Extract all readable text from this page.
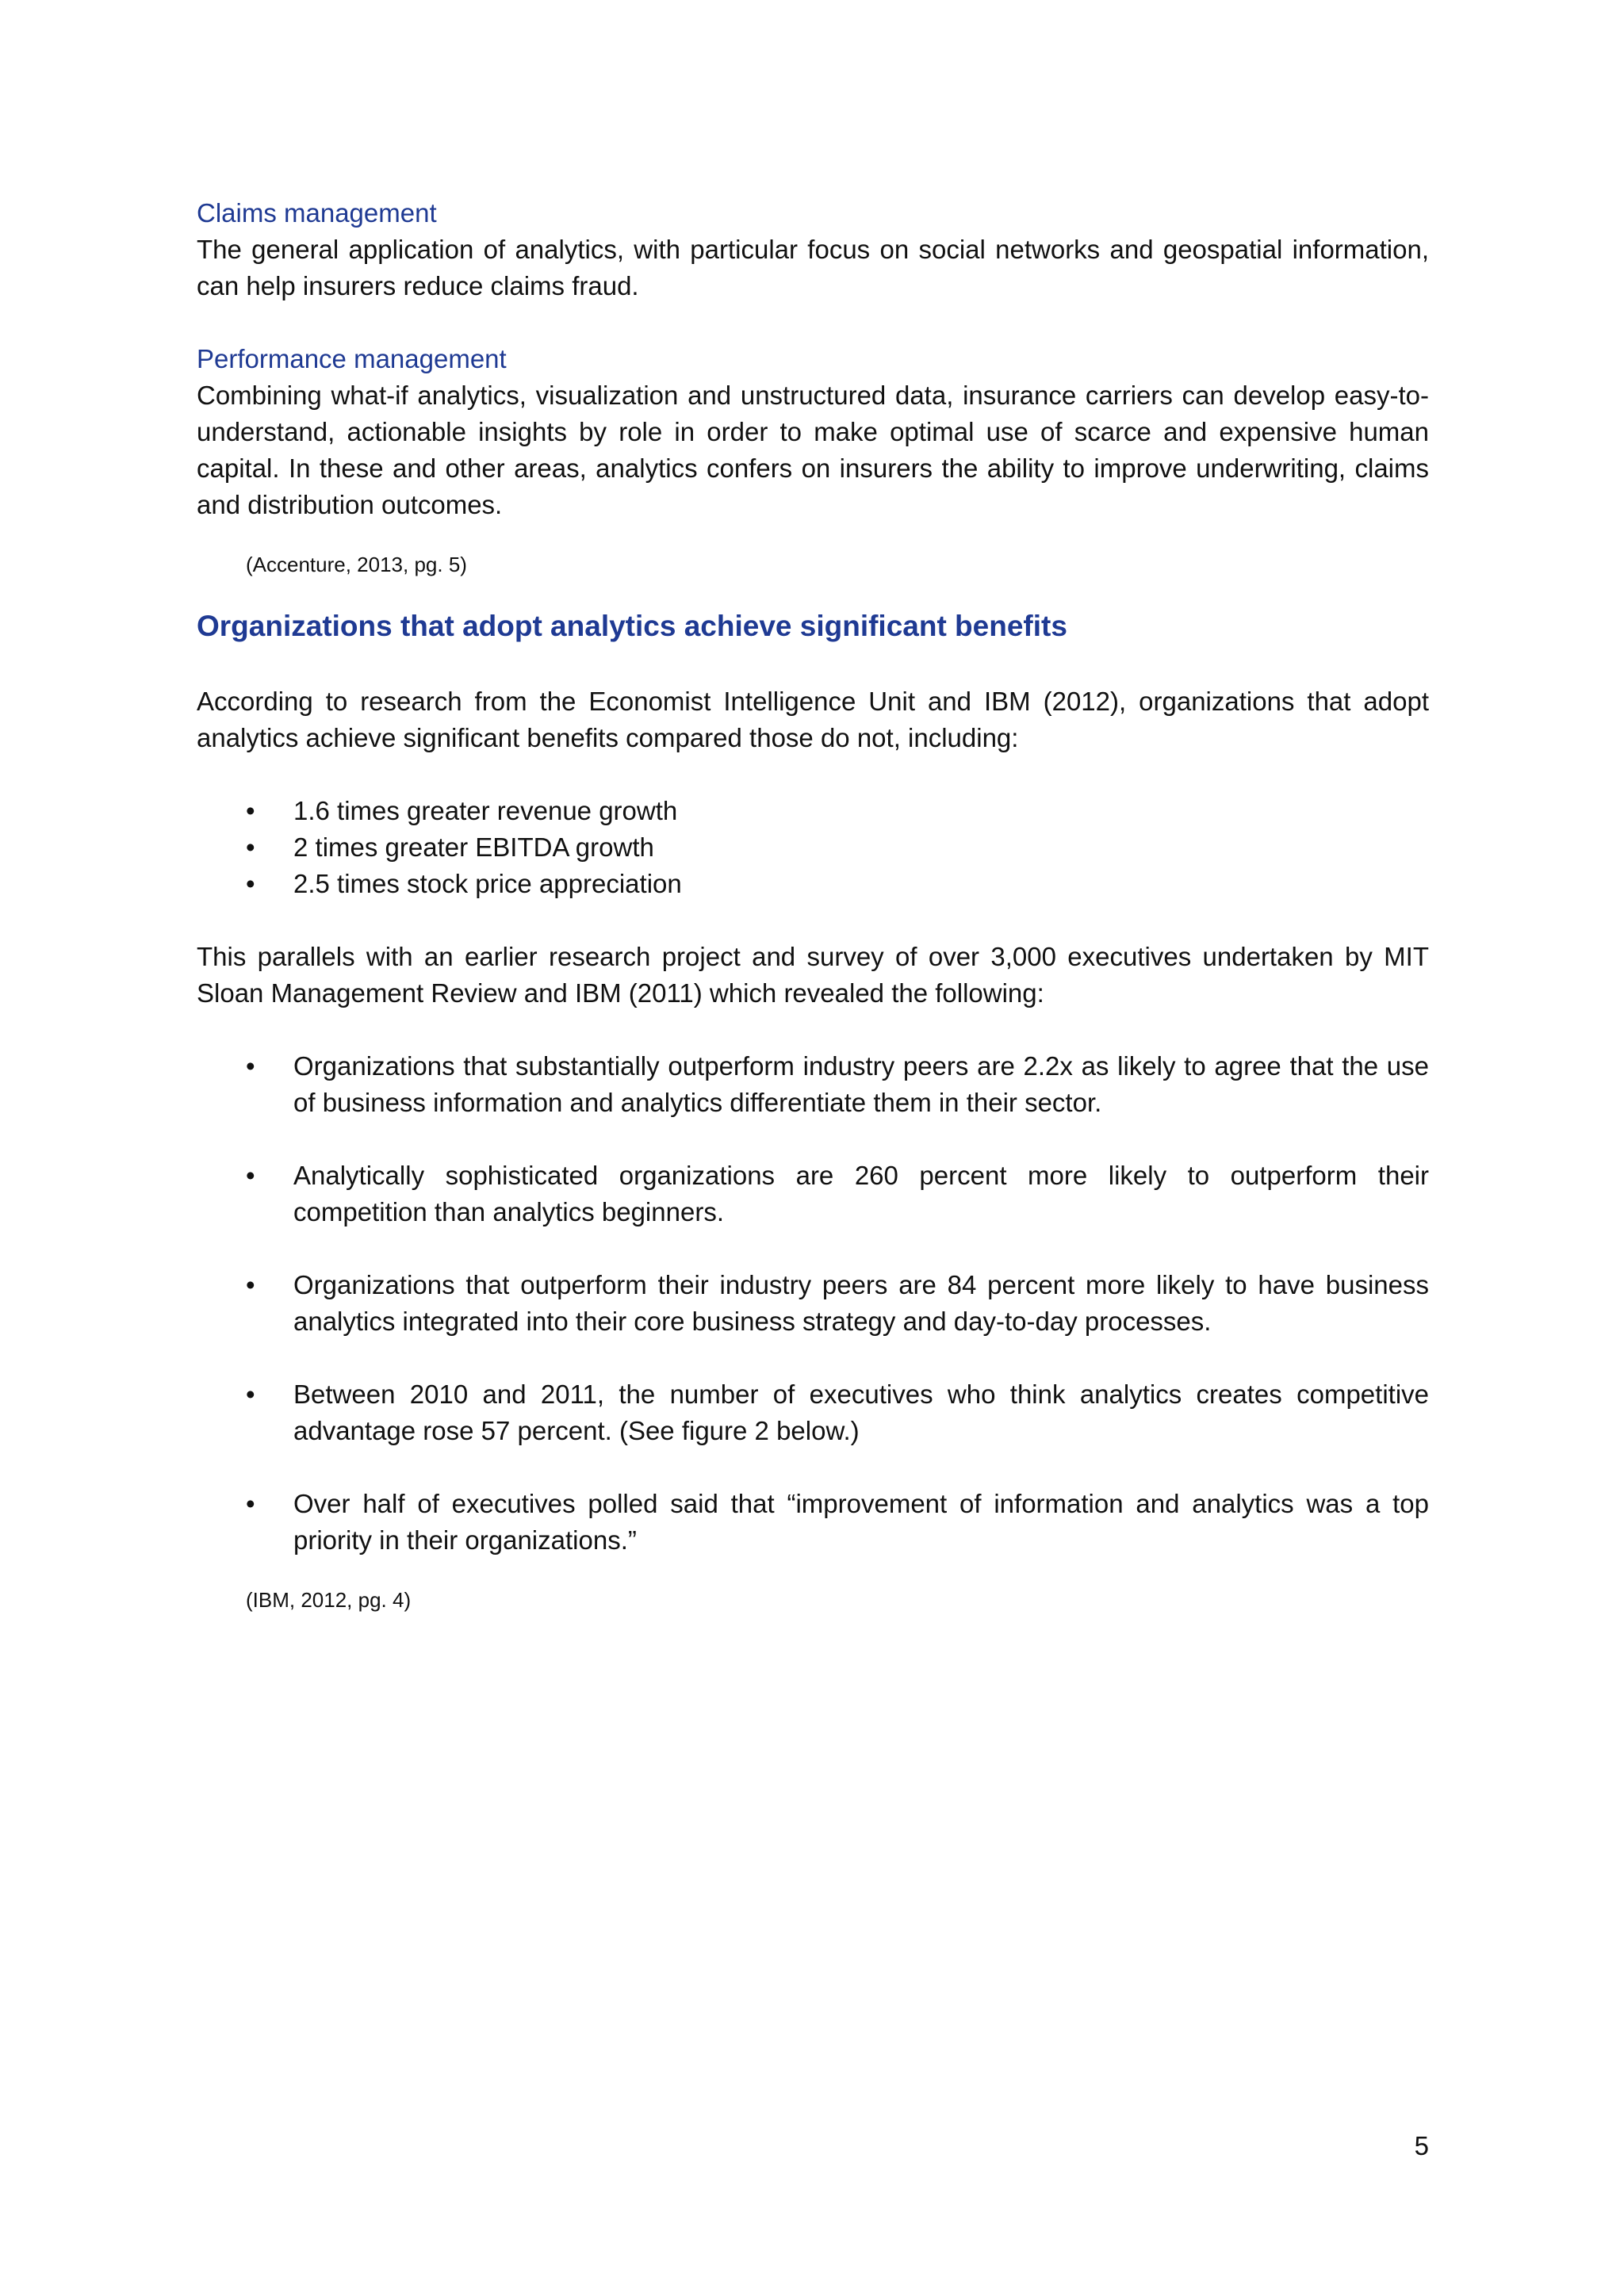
Claims management

The general application of analytics, with particular focus on social networks and geospatial information, can help insurers reduce claims fraud.

Performance management

Combining what-if analytics, visualization and unstructured data, insurance carriers can develop easy-to-understand, actionable insights by role in order to make optimal use of scarce and expensive human capital. In these and other areas, analytics confers on insurers the ability to improve underwriting, claims and distribution outcomes.

(Accenture, 2013, pg. 5)

Organizations that adopt analytics achieve significant benefits

According to research from the Economist Intelligence Unit and IBM (2012), organizations that adopt analytics achieve significant benefits compared those do not, including:

• 1.6 times greater revenue growth
• 2 times greater EBITDA growth
• 2.5 times stock price appreciation

This parallels with an earlier research project and survey of over 3,000 executives undertaken by MIT Sloan Management Review and IBM (2011) which revealed the following:

• Organizations that substantially outperform industry peers are 2.2x as likely to agree that the use of business information and analytics differentiate them in their sector.
• Analytically sophisticated organizations are 260 percent more likely to outperform their competition than analytics beginners.
• Organizations that outperform their industry peers are 84 percent more likely to have business analytics integrated into their core business strategy and day-to-day processes.
• Between 2010 and 2011, the number of executives who think analytics creates competitive advantage rose 57 percent. (See figure 2 below.)
• Over half of executives polled said that “improvement of information and analytics was a top priority in their organizations.”

(IBM, 2012, pg. 4)

5
